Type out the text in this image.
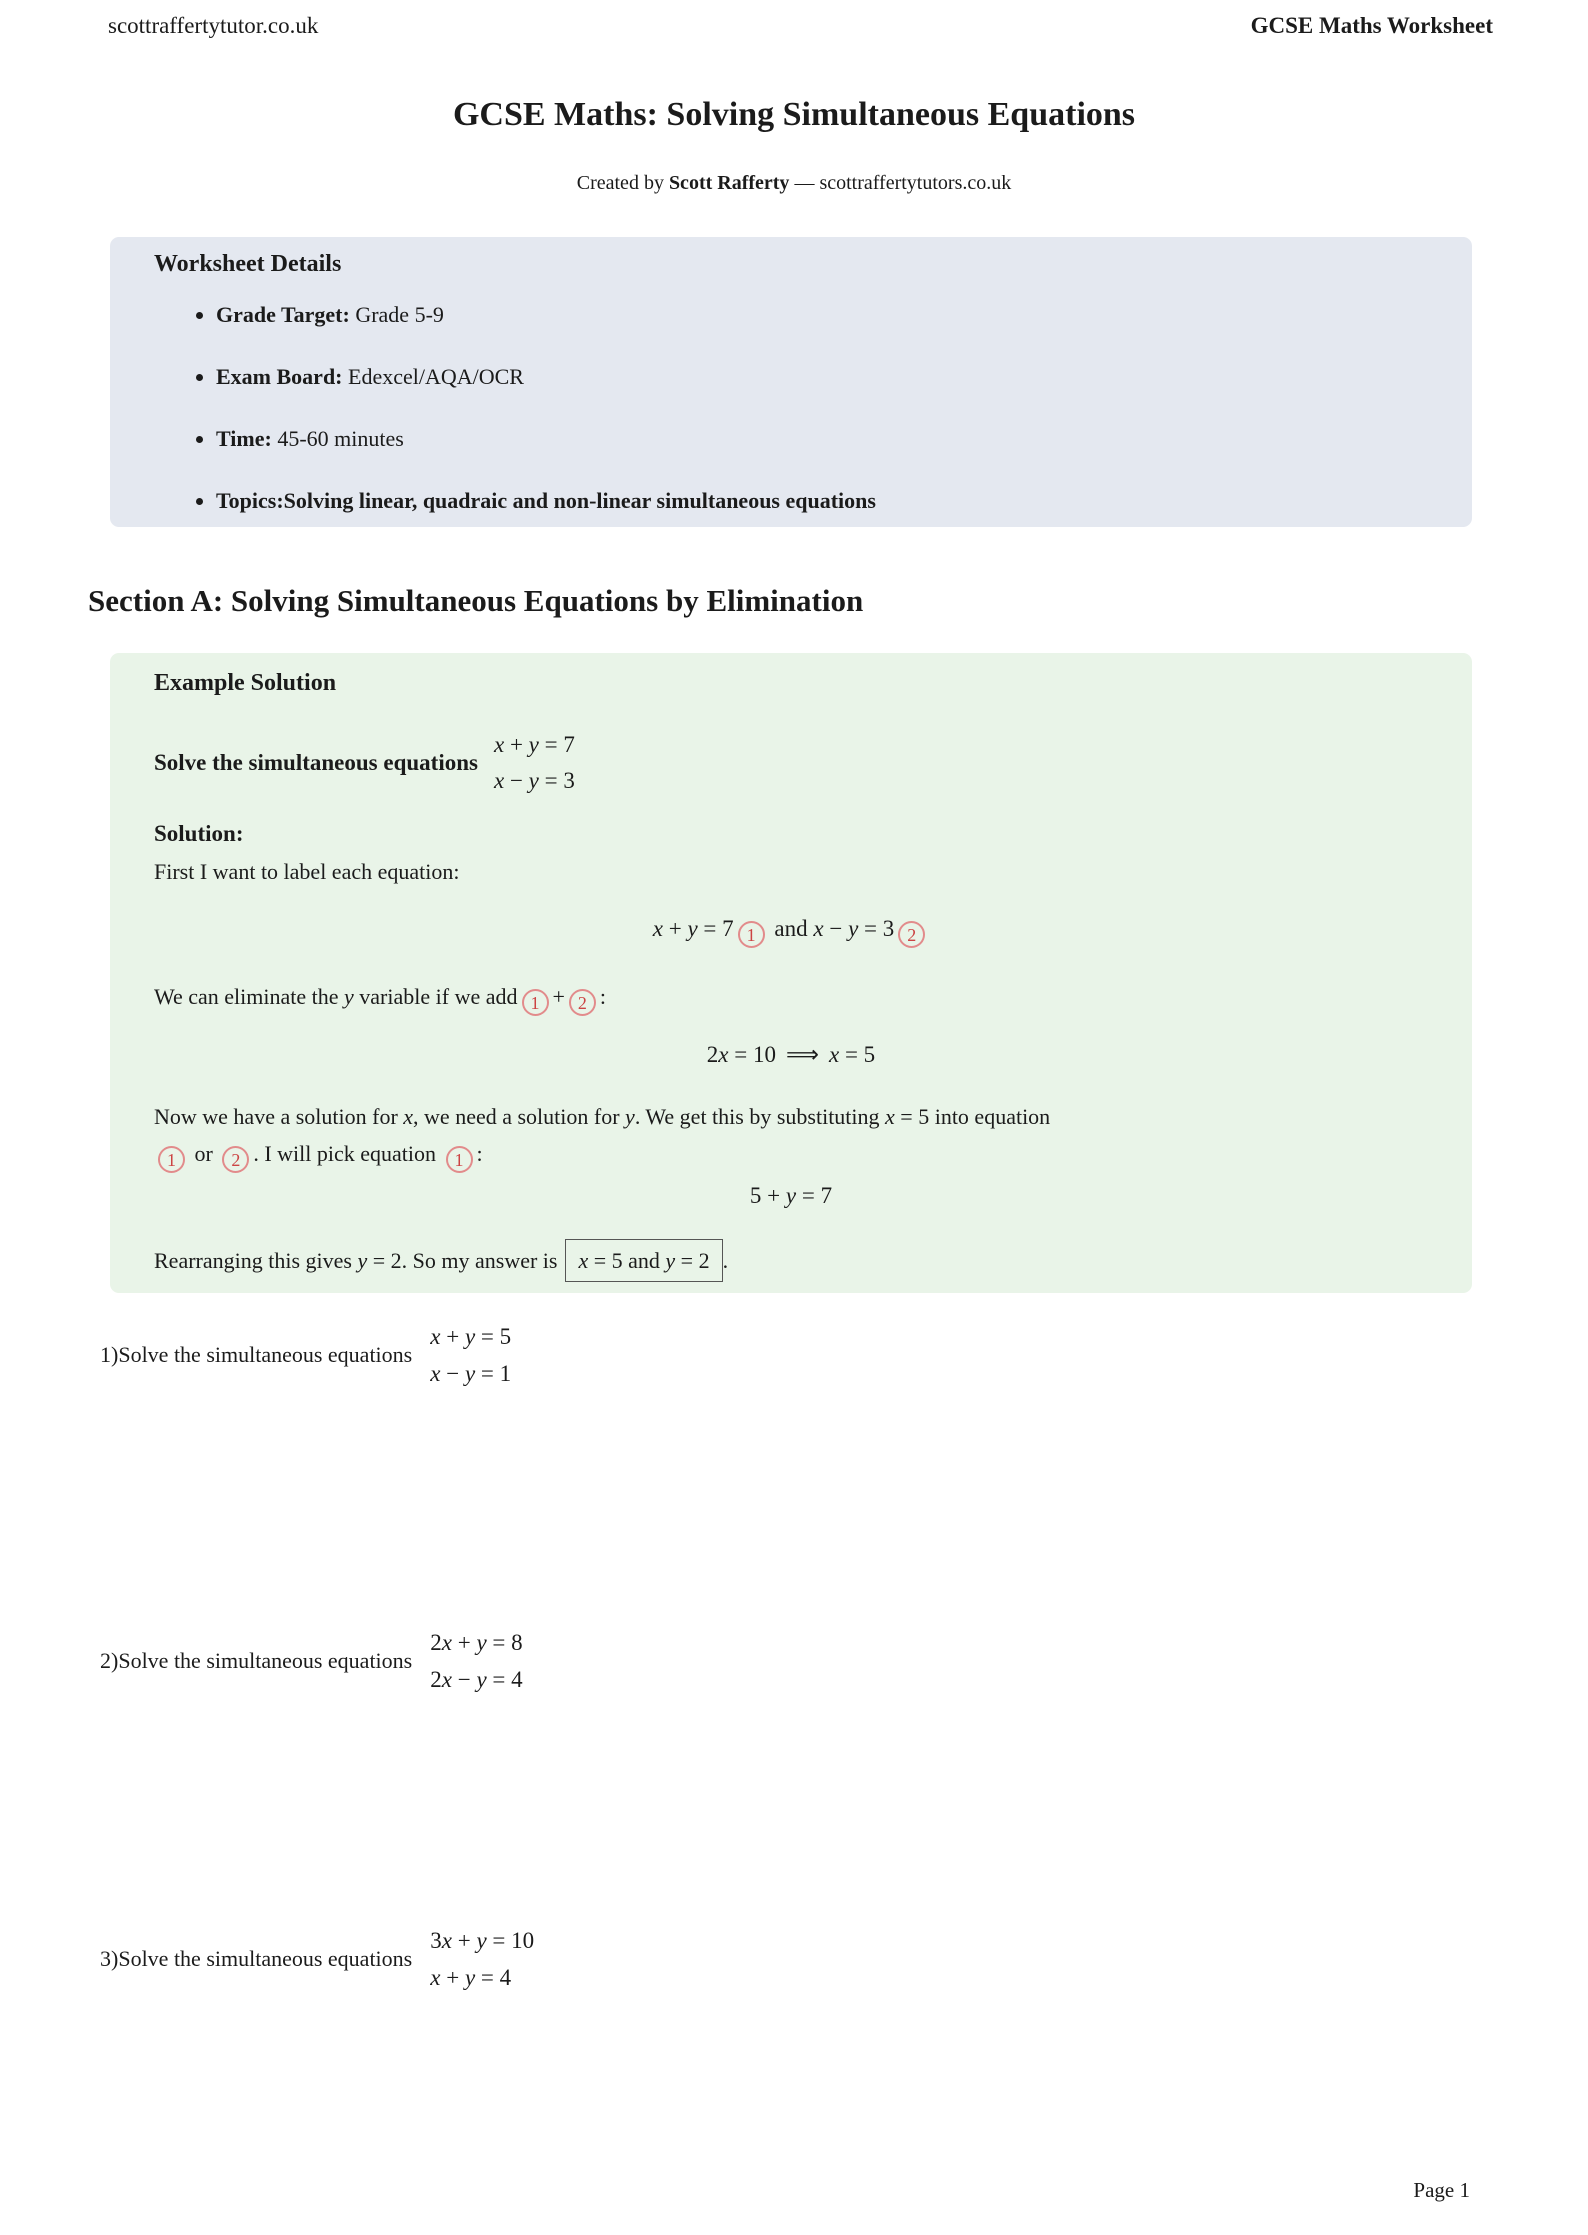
scottraffertytutor.co.uk	GCSE Maths Worksheet
GCSE Maths: Solving Simultaneous Equations
Created by Scott Rafferty — scottraffertytutors.co.uk
Worksheet Details
• Grade Target: Grade 5-9
• Exam Board: Edexcel/AQA/OCR
• Time: 45-60 minutes
• Topics:Solving linear, quadraic and non-linear simultaneous equations
Section A: Solving Simultaneous Equations by Elimination
Example Solution
Solve the simultaneous equations
x + y = 7
x − y = 3
Solution:
First I want to label each equation:
x + y = 7 1 and x − y = 3 2
We can eliminate the y variable if we add 1 + 2 :
2x = 10 ⟹ x = 5
Now we have a solution for x, we need a solution for y. We get this by substituting x = 5 into equation
1 or 2 . I will pick equation 1 :
5 + y = 7
Rearranging this gives y = 2. So my answer is x = 5 and y = 2 .
1)Solve the simultaneous equations
x + y = 5
x − y = 1
2)Solve the simultaneous equations
2x + y = 8
2x − y = 4
3)Solve the simultaneous equations
3x + y = 10
x + y = 4
Page 1
